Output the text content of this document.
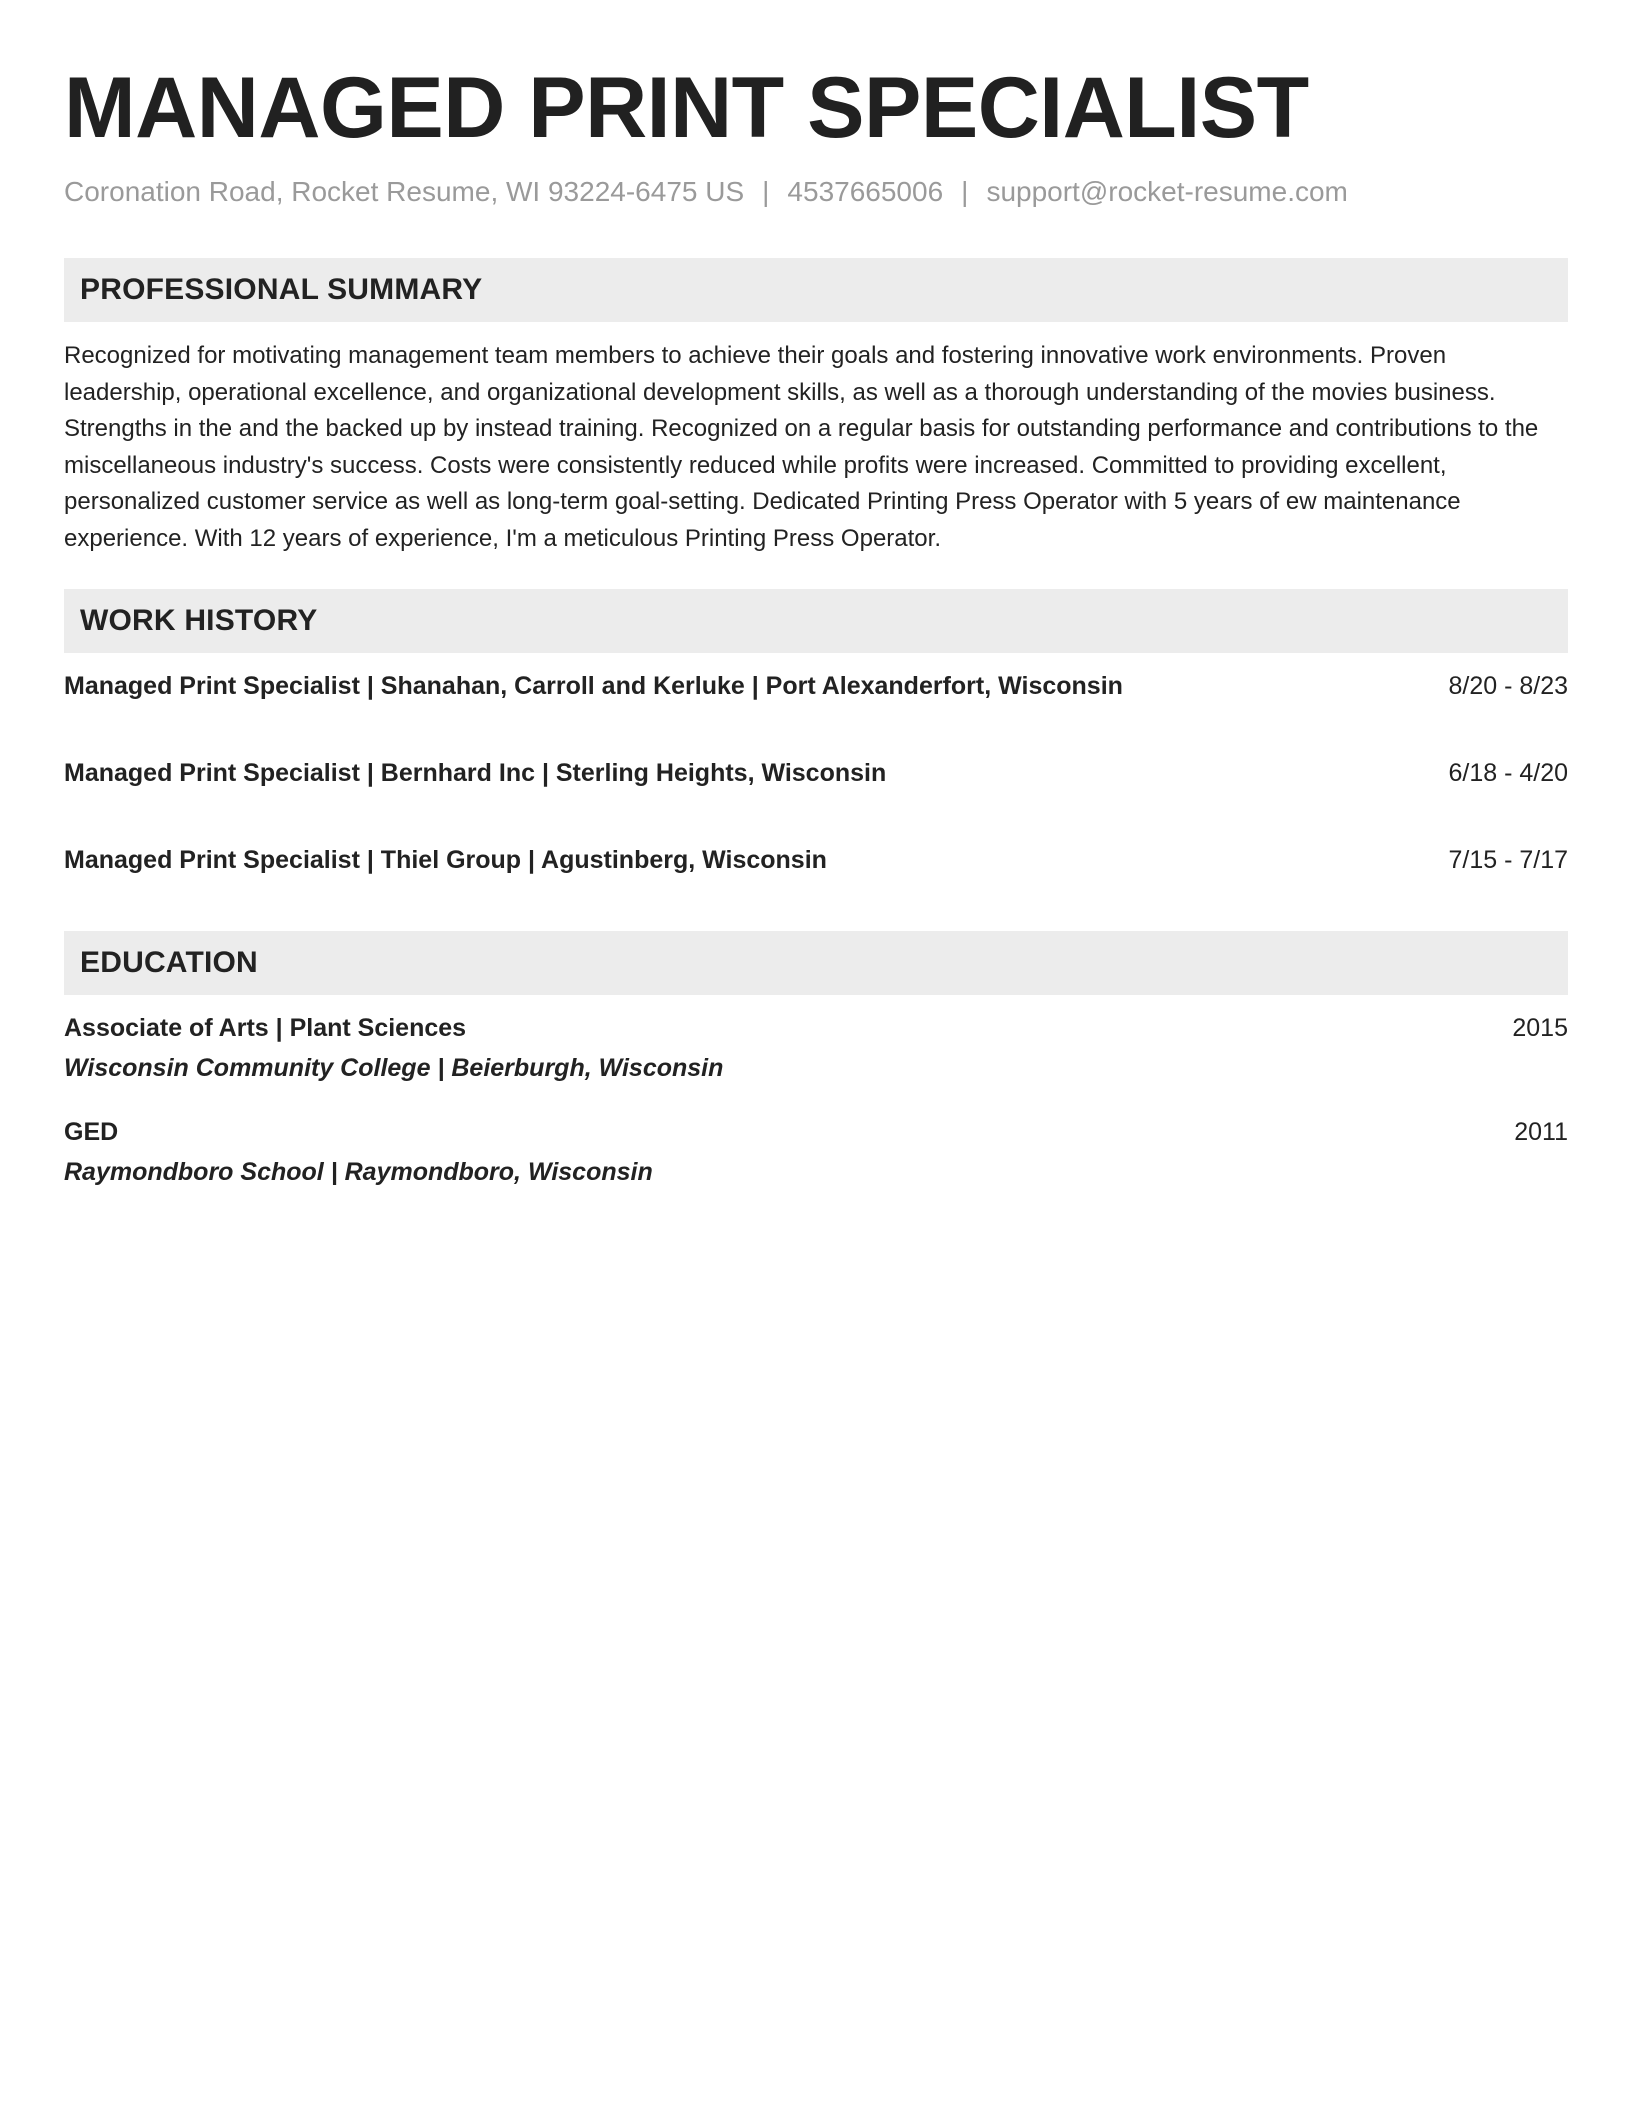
MANAGED PRINT SPECIALIST
Coronation Road, Rocket Resume, WI 93224-6475 US | 4537665006 | support@rocket-resume.com
PROFESSIONAL SUMMARY

Recognized for motivating management team members to achieve their goals and fostering innovative work environments. Proven leadership, operational excellence, and organizational development skills, as well as a thorough understanding of the movies business. Strengths in the and the backed up by instead training. Recognized on a regular basis for outstanding performance and contributions to the miscellaneous industry's success. Costs were consistently reduced while profits were increased. Committed to providing excellent, personalized customer service as well as long-term goal-setting. Dedicated Printing Press Operator with 5 years of ew maintenance experience. With 12 years of experience, I'm a meticulous Printing Press Operator.

WORK HISTORY
Managed Print Specialist | Shanahan, Carroll and Kerluke | Port Alexanderfort, Wisconsin	8/20 - 8/23
Managed Print Specialist | Bernhard Inc | Sterling Heights, Wisconsin	6/18 - 4/20
Managed Print Specialist | Thiel Group | Agustinberg, Wisconsin	7/15 - 7/17
EDUCATION
Associate of Arts | Plant Sciences	2015
Wisconsin Community College | Beierburgh, Wisconsin
GED	2011
Raymondboro School | Raymondboro, Wisconsin
